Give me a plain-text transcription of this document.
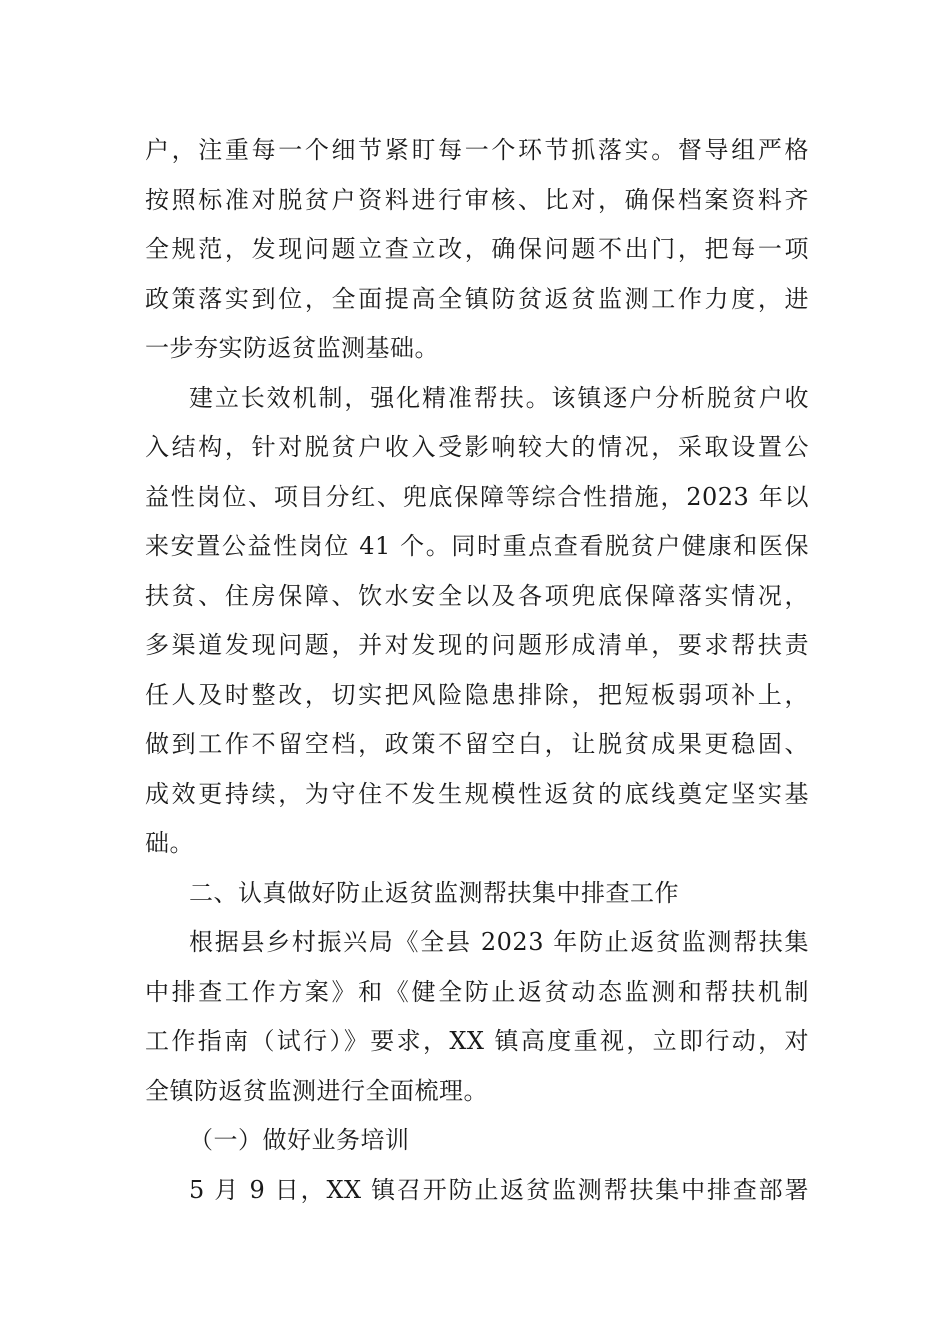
户，注重每一个细节紧盯每一个环节抓落实。督导组严格
按照标准对脱贫户资料进行审核、比对，确保档案资料齐
全规范，发现问题立查立改，确保问题不出门，把每一项
政策落实到位，全面提高全镇防贫返贫监测工作力度，进
一步夯实防返贫监测基础。
建立长效机制，强化精准帮扶。该镇逐户分析脱贫户收
入结构，针对脱贫户收入受影响较大的情况，采取设置公
益性岗位、项目分红、兜底保障等综合性措施，2023 年以
来安置公益性岗位 41 个。同时重点查看脱贫户健康和医保
扶贫、住房保障、饮水安全以及各项兜底保障落实情况，
多渠道发现问题，并对发现的问题形成清单，要求帮扶责
任人及时整改，切实把风险隐患排除，把短板弱项补上，
做到工作不留空档，政策不留空白，让脱贫成果更稳固、
成效更持续，为守住不发生规模性返贫的底线奠定坚实基
础。
二、认真做好防止返贫监测帮扶集中排查工作
根据县乡村振兴局《全县 2023 年防止返贫监测帮扶集
中排查工作方案》和《健全防止返贫动态监测和帮扶机制
工作指南（试行）》要求，XX 镇高度重视，立即行动，对
全镇防返贫监测进行全面梳理。
（一）做好业务培训
5 月 9 日，XX 镇召开防止返贫监测帮扶集中排查部署
